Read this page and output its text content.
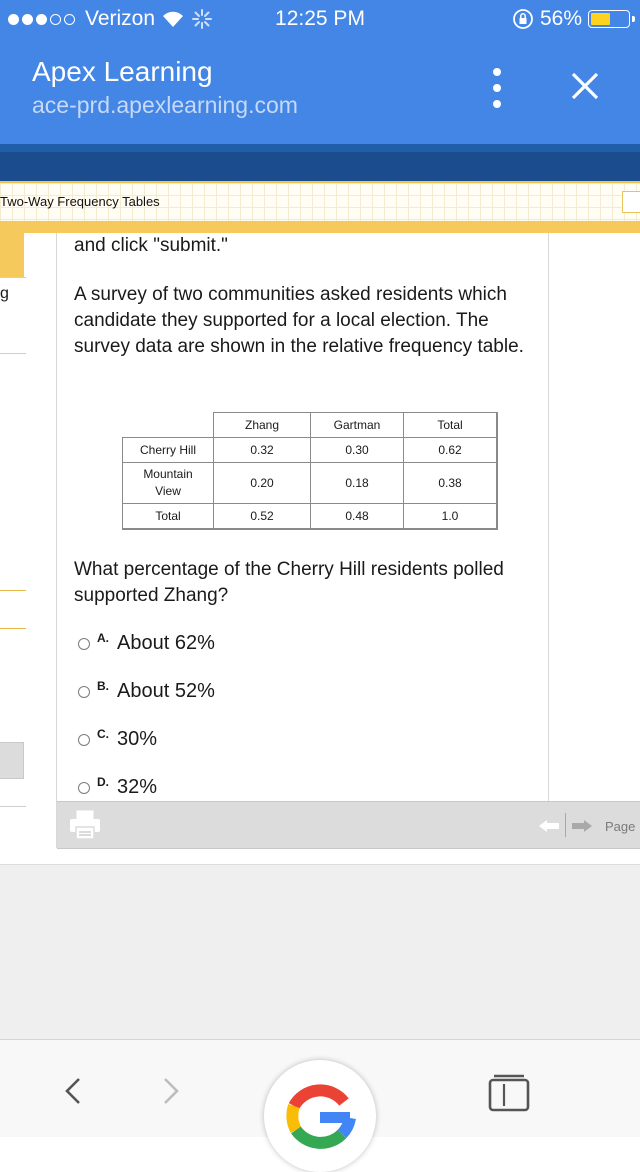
Verizon	12:25 PM	56%
Apex Learning
ace-prd.apexlearning.com
Two-Way Frequency Tables
g
and click "submit."
A survey of two communities asked residents which candidate they supported for a local election. The survey data are shown in the relative frequency table.
	Zhang	Gartman	Total
Cherry Hill	0.32	0.30	0.62
Mountain View	0.20	0.18	0.38
Total	0.52	0.48	1.0
What percentage of the Cherry Hill residents polled supported Zhang?
A. About 62%
B. About 52%
C. 30%
D. 32%
Page
